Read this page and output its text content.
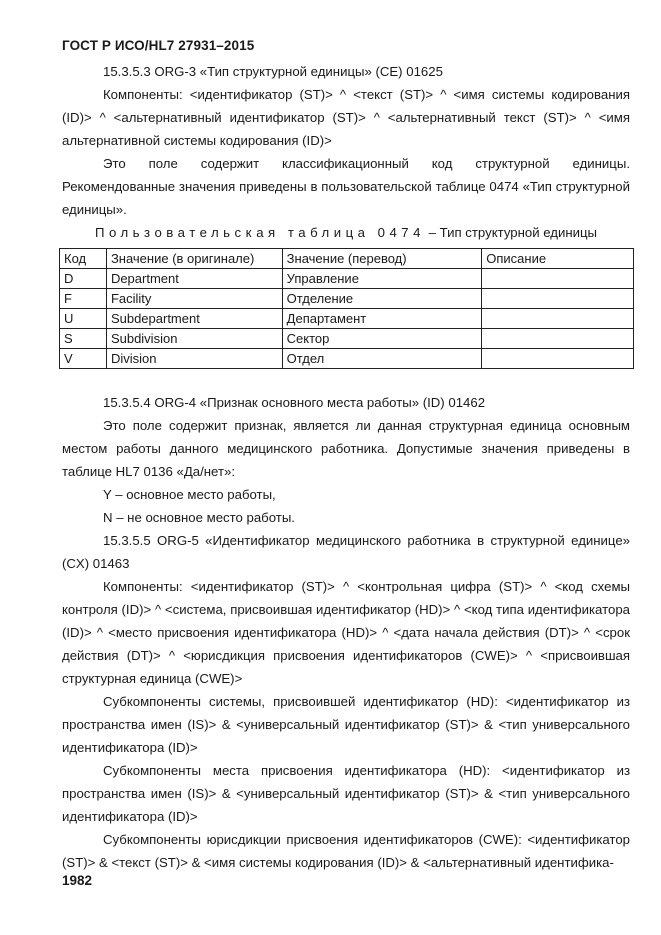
ГОСТ Р ИСО/HL7 27931–2015

15.3.5.3 ORG-3 «Тип структурной единицы» (CE) 01625

Компоненты: <идентификатор (ST)> ^ <текст (ST)> ^ <имя системы кодирования (ID)> ^ <альтернативный идентификатор (ST)> ^ <альтернативный текст (ST)> ^ <имя альтернативной системы кодирования (ID)>

Это поле содержит классификационный код структурной единицы. Рекомендованные значения приведены в пользовательской таблице 0474 «Тип структурной единицы».

Пользовательская таблица 0474 – Тип структурной единицы
Код	Значение (в оригинале)	Значение (перевод)	Описание
D	Department	Управление	
F	Facility	Отделение	
U	Subdepartment	Департамент	
S	Subdivision	Сектор	
V	Division	Отдел	

15.3.5.4 ORG-4 «Признак основного места работы» (ID) 01462

Это поле содержит признак, является ли данная структурная единица основным местом работы данного медицинского работника. Допустимые значения приведены в таблице HL7 0136 «Да/нет»:

Y – основное место работы,

N – не основное место работы.

15.3.5.5 ORG-5 «Идентификатор медицинского работника в структурной единице» (CX) 01463

Компоненты: <идентификатор (ST)> ^ <контрольная цифра (ST)> ^ <код схемы контроля (ID)> ^ <система, присвоившая идентификатор (HD)> ^ <код типа идентификатора (ID)> ^ <место присвоения идентификатора (HD)> ^ <дата начала действия (DT)> ^ <срок действия (DT)> ^ <юрисдикция присвоения идентификаторов (CWE)> ^ <присвоившая структурная единица (CWE)>

Субкомпоненты системы, присвоившей идентификатор (HD): <идентификатор из пространства имен (IS)> & <универсальный идентификатор (ST)> & <тип универсального идентификатора (ID)>

Субкомпоненты места присвоения идентификатора (HD): <идентификатор из пространства имен (IS)> & <универсальный идентификатор (ST)> & <тип универсального идентификатора (ID)>

Субкомпоненты юрисдикции присвоения идентификаторов (CWE): <идентификатор (ST)> & <текст (ST)> & <имя системы кодирования (ID)> & <альтернативный идентифика-

1982
